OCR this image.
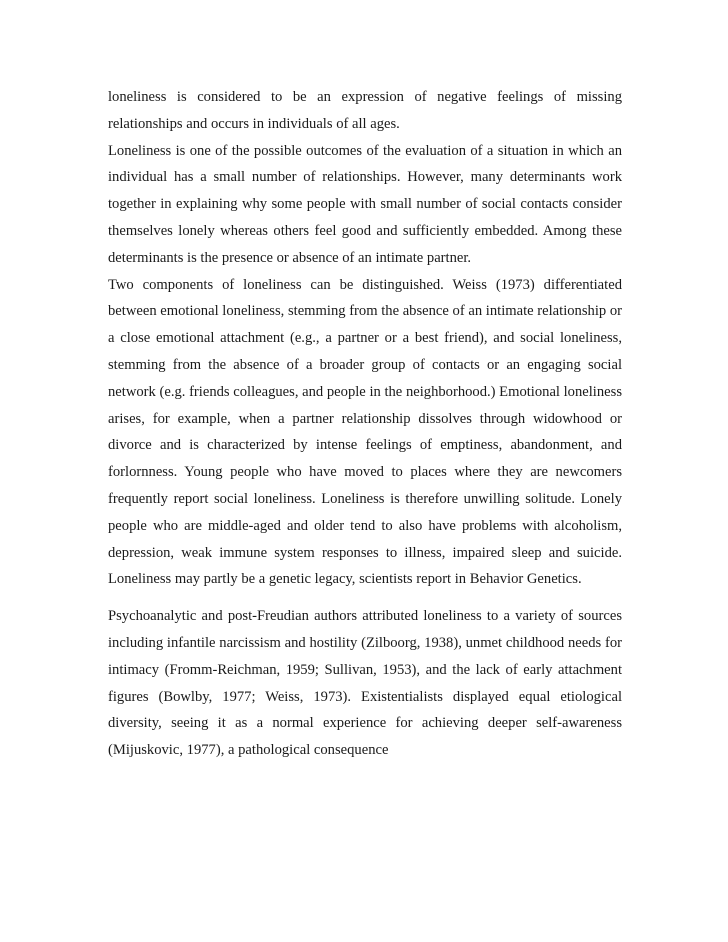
loneliness is considered to be an expression of negative feelings of missing relationships and occurs in individuals of all ages.

Loneliness is one of the possible outcomes of the evaluation of a situation in which an individual has a small number of relationships. However, many determinants work together in explaining why some people with small number of social contacts consider themselves lonely whereas others feel good and sufficiently embedded. Among these determinants is the presence or absence of an intimate partner.

Two components of loneliness can be distinguished. Weiss (1973) differentiated between emotional loneliness, stemming from the absence of an intimate relationship or a close emotional attachment (e.g., a partner or a best friend), and social loneliness, stemming from the absence of a broader group of contacts or an engaging social network (e.g. friends colleagues, and people in the neighborhood.) Emotional loneliness arises, for example, when a partner relationship dissolves through widowhood or divorce and is characterized by intense feelings of emptiness, abandonment, and forlornness. Young people who have moved to places where they are newcomers frequently report social loneliness. Loneliness is therefore unwilling solitude. Lonely people who are middle-aged and older tend to also have problems with alcoholism, depression, weak immune system responses to illness, impaired sleep and suicide. Loneliness may partly be a genetic legacy, scientists report in Behavior Genetics.

Psychoanalytic and post-Freudian authors attributed loneliness to a variety of sources including infantile narcissism and hostility (Zilboorg, 1938), unmet childhood needs for intimacy (Fromm-Reichman, 1959; Sullivan, 1953), and the lack of early attachment figures (Bowlby, 1977; Weiss, 1973). Existentialists displayed equal etiological diversity, seeing it as a normal experience for achieving deeper self-awareness (Mijuskovic, 1977), a pathological consequence
